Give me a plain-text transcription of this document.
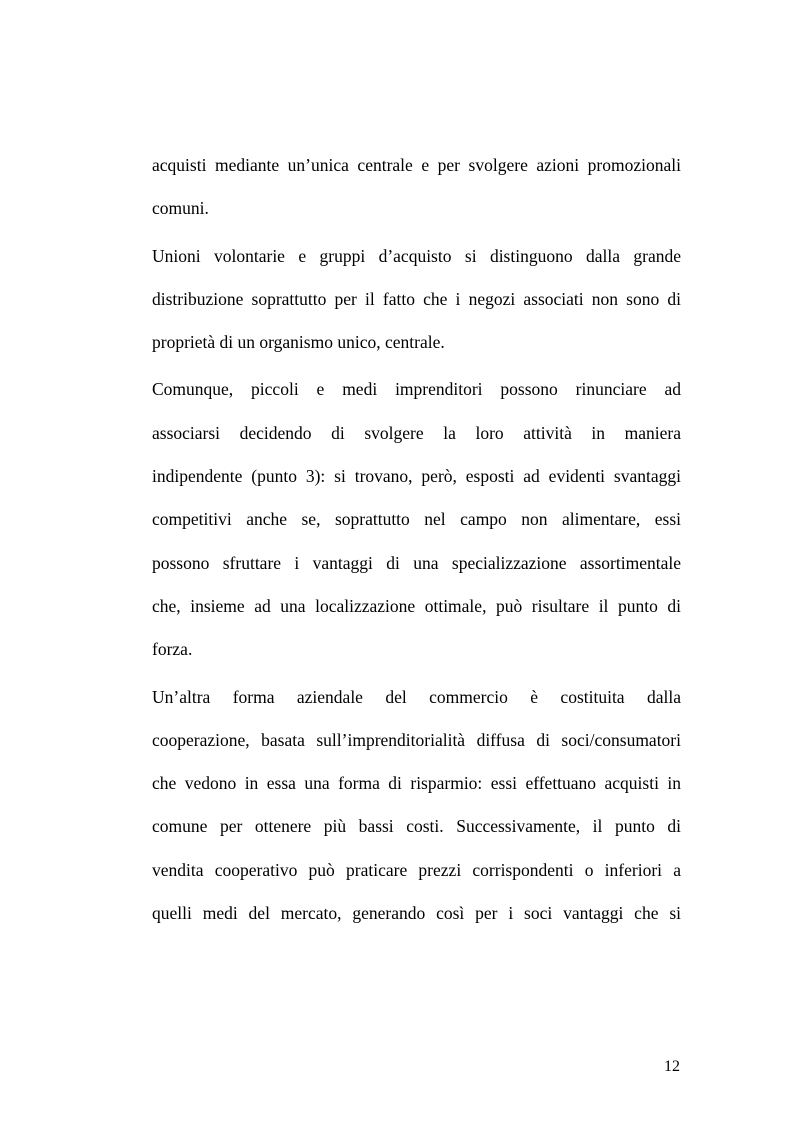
acquisti mediante un’unica centrale e per svolgere azioni promozionali
comuni.
Unioni volontarie e gruppi d’acquisto si distinguono dalla grande
distribuzione soprattutto per il fatto che i negozi associati non sono di
proprietà di un organismo unico, centrale.
Comunque, piccoli e medi imprenditori possono rinunciare ad
associarsi decidendo di svolgere la loro attività in maniera
indipendente (punto 3): si trovano, però, esposti ad evidenti svantaggi
competitivi anche se, soprattutto nel campo non alimentare, essi
possono sfruttare i vantaggi di una specializzazione assortimentale
che, insieme ad una localizzazione ottimale, può risultare il punto di
forza.
Un’altra forma aziendale del commercio è costituita dalla
cooperazione, basata sull’imprenditorialità diffusa di soci/consumatori
che vedono in essa una forma di risparmio: essi effettuano acquisti in
comune per ottenere più bassi costi. Successivamente, il punto di
vendita cooperativo può praticare prezzi corrispondenti o inferiori a
quelli medi del mercato, generando così per i soci vantaggi che si
12
